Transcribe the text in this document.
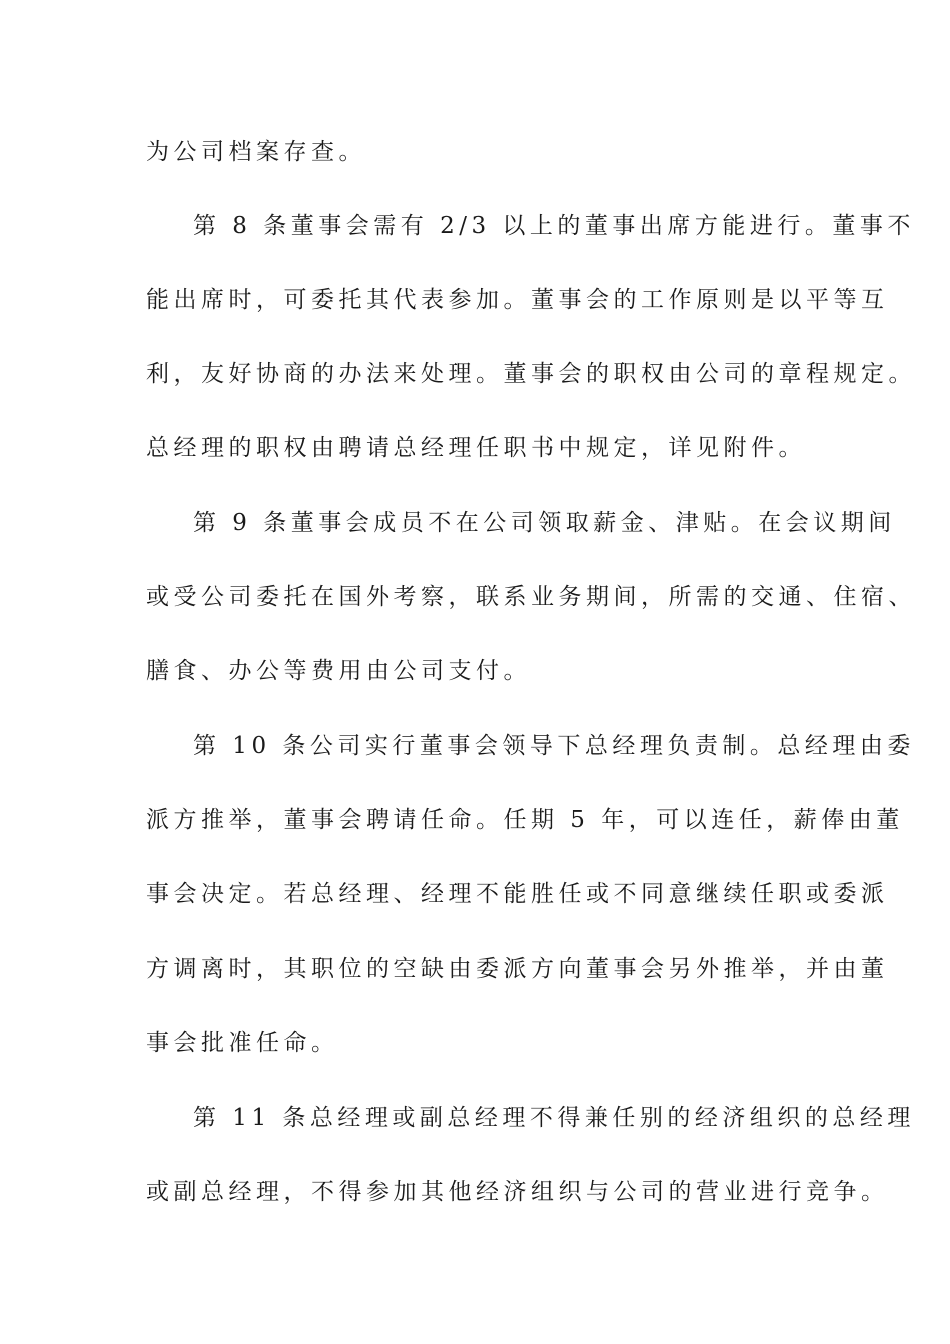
为公司档案存查。
第 8 条董事会需有 2/3 以上的董事出席方能进行。董事不
能出席时，可委托其代表参加。董事会的工作原则是以平等互
利，友好协商的办法来处理。董事会的职权由公司的章程规定。
总经理的职权由聘请总经理任职书中规定，详见附件。
第 9 条董事会成员不在公司领取薪金、津贴。在会议期间
或受公司委托在国外考察，联系业务期间，所需的交通、住宿、
膳食、办公等费用由公司支付。
第 10 条公司实行董事会领导下总经理负责制。总经理由委
派方推举，董事会聘请任命。任期 5 年，可以连任，薪俸由董
事会决定。若总经理、经理不能胜任或不同意继续任职或委派
方调离时，其职位的空缺由委派方向董事会另外推举，并由董
事会批准任命。
第 11 条总经理或副总经理不得兼任别的经济组织的总经理
或副总经理，不得参加其他经济组织与公司的营业进行竞争。
